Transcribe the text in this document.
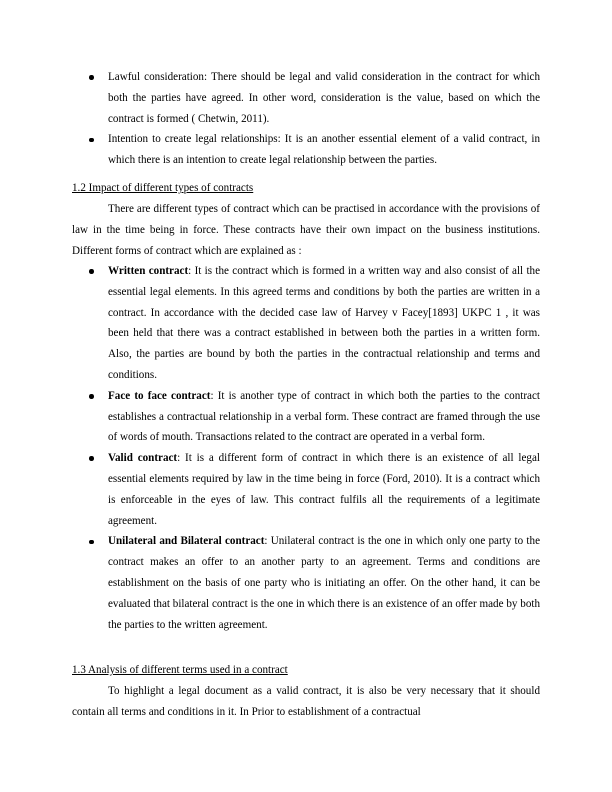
Lawful consideration: There should be legal and valid consideration in the contract for which both the parties have agreed. In other word, consideration is the value, based on which the contract is formed ( Chetwin, 2011).
Intention to create legal relationships: It is an another essential element of a valid contract, in which there is an intention to create legal relationship between the parties.
1.2 Impact of different types of contracts

There are different types of contract which can be practised in accordance with the provisions of law in the time being in force. These contracts have their own impact on the business institutions. Different forms of contract which are explained as :

Written contract: It is the contract which is formed in a written way and also consist of all the essential legal elements. In this agreed terms and conditions by both the parties are written in a contract. In accordance with the decided case law of Harvey v Facey[1893] UKPC 1 , it was been held that there was a contract established in between both the parties in a written form. Also, the parties are bound by both the parties in the contractual relationship and terms and conditions.
Face to face contract: It is another type of contract in which both the parties to the contract establishes a contractual relationship in a verbal form. These contract are framed through the use of words of mouth. Transactions related to the contract are operated in a verbal form.
Valid contract: It is a different form of contract in which there is an existence of all legal essential elements required by law in the time being in force (Ford, 2010). It is a contract which is enforceable in the eyes of law. This contract fulfils all the requirements of a legitimate agreement.
Unilateral and Bilateral contract: Unilateral contract is the one in which only one party to the contract makes an offer to an another party to an agreement. Terms and conditions are establishment on the basis of one party who is initiating an offer. On the other hand, it can be evaluated that bilateral contract is the one in which there is an existence of an offer made by both the parties to the written agreement.
1.3 Analysis of different terms used in a contract

To highlight a legal document as a valid contract, it is also be very necessary that it should contain all terms and conditions in it. In Prior to establishment of a contractual
